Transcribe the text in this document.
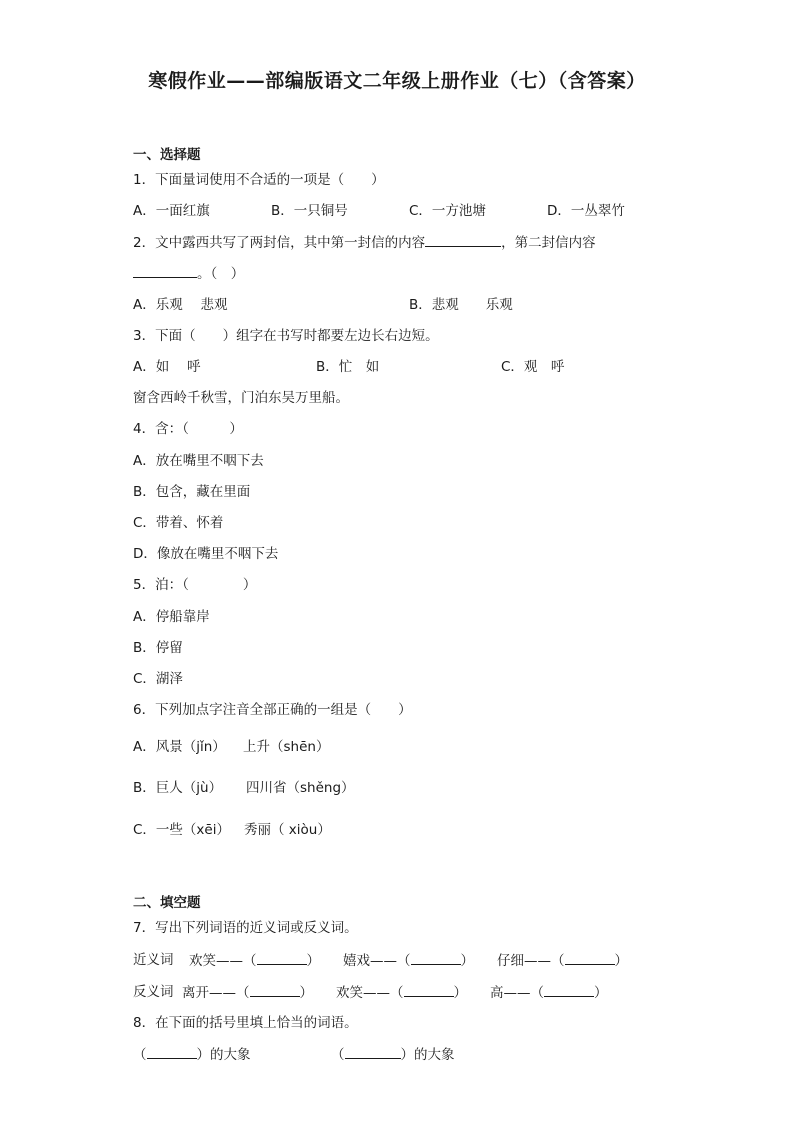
寒假作业——部编版语文二年级上册作业（七）（含答案）
一、选择题
1．下面量词使用不合适的一项是（　　）
A．一面红旗	B．一只铜号	C．一方池塘	D．一丛翠竹
2．文中露西共写了两封信，其中第一封信的内容	，第二封信内容
。（　）
A．乐观　 悲观	B．悲观　　乐观
3．下面（　　）组字在书写时都要左边长右边短。
A．如　 呼	B．忙　如	C．观　呼
窗含西岭千秋雪，门泊东吴万里船。
4．含：（　　　）
A．放在嘴里不咽下去
B．包含，藏在里面
C．带着、怀着
D．像放在嘴里不咽下去
5．泊：（　　　　）
A．停船靠岸
B．停留
C．湖泽
6．下列加点字注音全部正确的一组是（　　）
A．风景（jǐn） 上升（shēn）
B．巨人（jù） 四川省（shěng）
C．一些（xēi） 秀丽（ xiòu）
二、填空题
7．写出下列词语的近义词或反义词。
近义词 欢笑——（	） 嬉戏——（	） 仔细——（	）
反义词 离开——（	） 欢笑——（	） 高——（	）
8．在下面的括号里填上恰当的词语。
（	）的大象	（	）的大象
